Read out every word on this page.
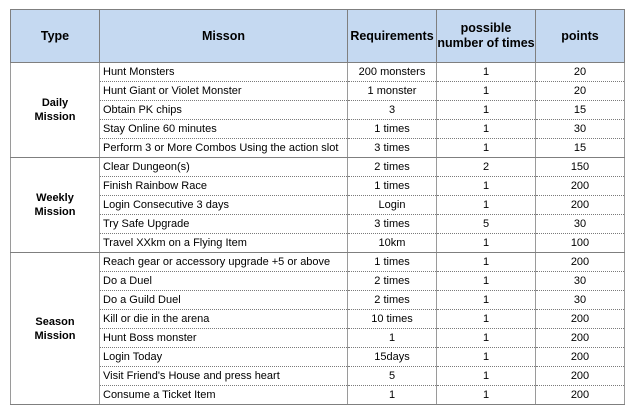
Type	Misson	Requirements	possible number of times	points

Daily
Mission	Hunt Monsters	200 monsters	1	20
	Hunt Giant or Violet Monster	1 monster	1	20
	Obtain PK chips	3	1	15
	Stay Online 60 minutes	1 times	1	30
	Perform 3 or More Combos Using the action slot	3 times	1	15

Weekly
Mission	Clear Dungeon(s)	2 times	2	150
	Finish Rainbow Race	1 times	1	200
	Login Consecutive 3 days	Login	1	200
	Try Safe Upgrade	3 times	5	30
	Travel XXkm on a Flying Item	10km	1	100

Season
Mission	Reach gear or accessory upgrade +5 or above	1 times	1	200
	Do a Duel	2 times	1	30
	Do a Guild Duel	2 times	1	30
	Kill or die in the arena	10 times	1	200
	Hunt Boss monster	1	1	200
	Login Today	15days	1	200
	Visit Friend's House and press heart	5	1	200
	Consume a Ticket Item	1	1	200
